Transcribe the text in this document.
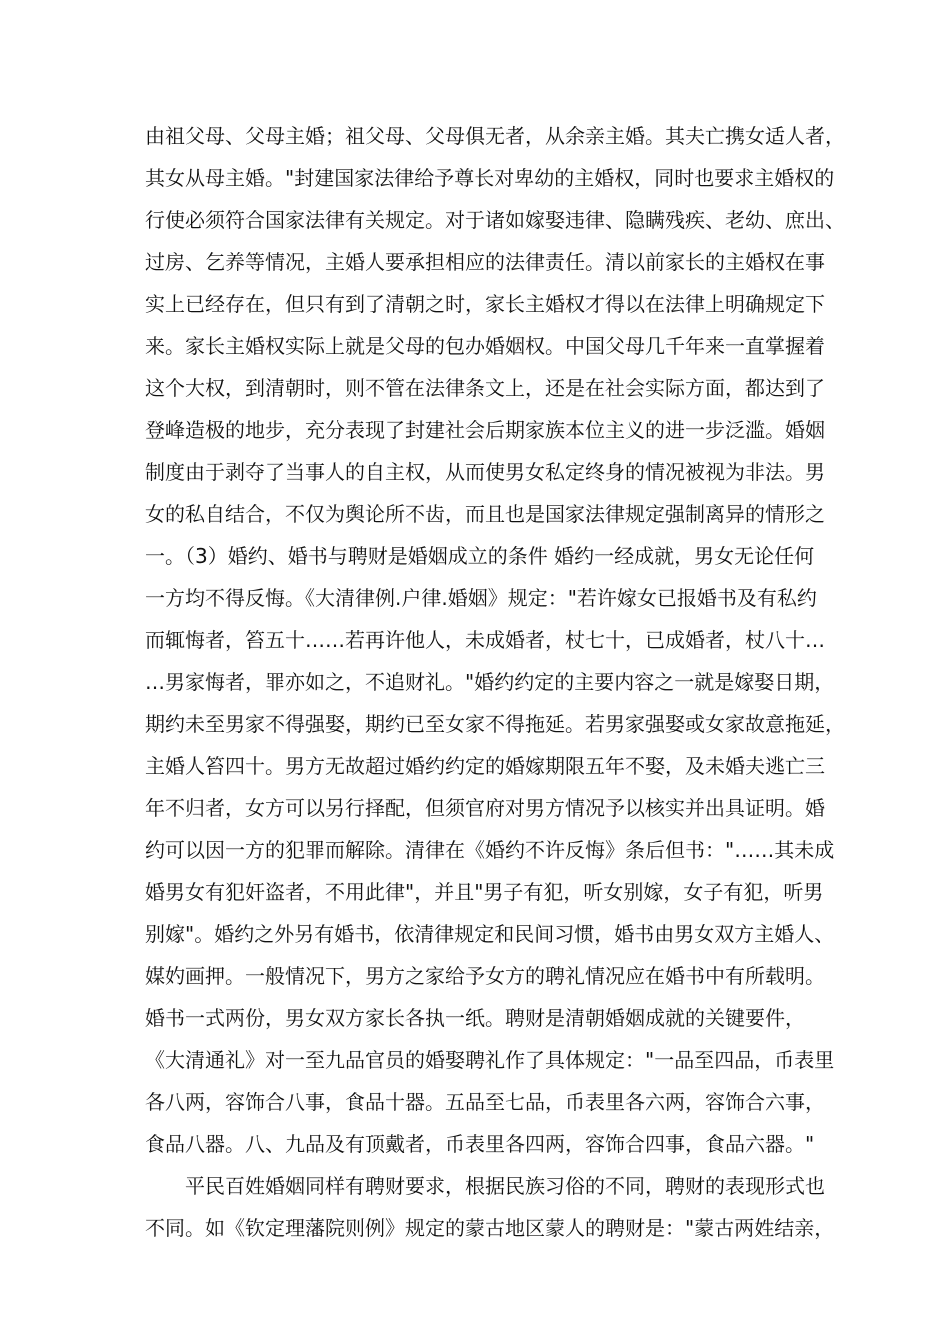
由祖父母、父母主婚；祖父母、父母俱无者，从余亲主婚。其夫亡携女适人者，
其女从母主婚。"封建国家法律给予尊长对卑幼的主婚权，同时也要求主婚权的
行使必须符合国家法律有关规定。对于诸如嫁娶违律、隐瞒残疾、老幼、庶出、
过房、乞养等情况，主婚人要承担相应的法律责任。清以前家长的主婚权在事
实上已经存在，但只有到了清朝之时，家长主婚权才得以在法律上明确规定下
来。家长主婚权实际上就是父母的包办婚姻权。中国父母几千年来一直掌握着
这个大权，到清朝时，则不管在法律条文上，还是在社会实际方面，都达到了
登峰造极的地步，充分表现了封建社会后期家族本位主义的进一步泛滥。婚姻
制度由于剥夺了当事人的自主权，从而使男女私定终身的情况被视为非法。男
女的私自结合，不仅为舆论所不齿，而且也是国家法律规定强制离异的情形之
一。（3）婚约、婚书与聘财是婚姻成立的条件 婚约一经成就，男女无论任何
一方均不得反悔。《大清律例.户律.婚姻》规定："若许嫁女已报婚书及有私约
而辄悔者，笞五十……若再许他人，未成婚者，杖七十，已成婚者，杖八十…
…男家悔者，罪亦如之，不追财礼。"婚约约定的主要内容之一就是嫁娶日期，
期约未至男家不得强娶，期约已至女家不得拖延。若男家强娶或女家故意拖延，
主婚人笞四十。男方无故超过婚约约定的婚嫁期限五年不娶，及未婚夫逃亡三
年不归者，女方可以另行择配，但须官府对男方情况予以核实并出具证明。婚
约可以因一方的犯罪而解除。清律在《婚约不许反悔》条后但书："……其未成
婚男女有犯奸盗者，不用此律"，并且"男子有犯，听女别嫁，女子有犯，听男
别嫁"。婚约之外另有婚书，依清律规定和民间习惯，婚书由男女双方主婚人、
媒妁画押。一般情况下，男方之家给予女方的聘礼情况应在婚书中有所载明。
婚书一式两份，男女双方家长各执一纸。聘财是清朝婚姻成就的关键要件，
《大清通礼》对一至九品官员的婚娶聘礼作了具体规定："一品至四品，币表里
各八两，容饰合八事，食品十器。五品至七品，币表里各六两，容饰合六事，
食品八器。八、九品及有顶戴者，币表里各四两，容饰合四事，食品六器。"
平民百姓婚姻同样有聘财要求，根据民族习俗的不同，聘财的表现形式也
不同。如《钦定理藩院则例》规定的蒙古地区蒙人的聘财是："蒙古两姓结亲，
